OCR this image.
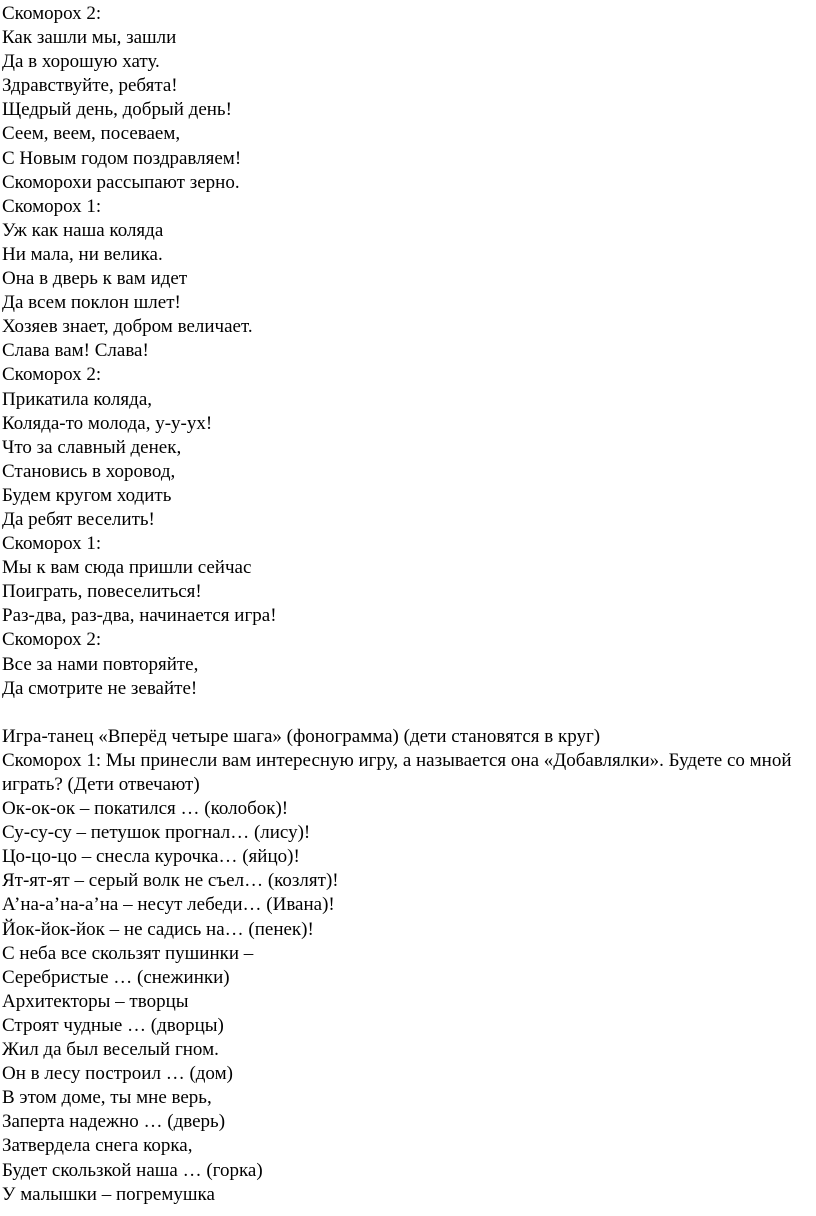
Скоморох 2:
Как зашли мы, зашли
Да в хорошую хату.
Здравствуйте, ребята!
Щедрый день, добрый день!
Сеем, веем, посеваем,
С Новым годом поздравляем!
Скоморохи рассыпают зерно.
Скоморох 1:
Уж как наша коляда
Ни мала, ни велика.
Она в дверь к вам идет
Да всем поклон шлет!
Хозяев знает, добром величает.
Слава вам! Слава!
Скоморох 2:
Прикатила коляда,
Коляда-то молода, у-у-ух!
Что за славный денек,
Становись в хоровод,
Будем кругом ходить
Да ребят веселить!
Скоморох 1:
Мы к вам сюда пришли сейчас
Поиграть, повеселиться!
Раз-два, раз-два, начинается игра!
Скоморох 2:
Все за нами повторяйте,
Да смотрите не зевайте!
Игра-танец «Вперёд четыре шага» (фонограмма) (дети становятся в круг)
Скоморох 1: Мы принесли вам интересную игру, а называется она «Добавлялки». Будете со мной играть? (Дети отвечают)
Ок-ок-ок – покатился … (колобок)!
Су-су-су – петушок прогнал… (лису)!
Цо-цо-цо – снесла курочка… (яйцо)!
Ят-ят-ят – серый волк не съел… (козлят)!
А’на-а’на-а’на – несут лебеди… (Ивана)!
Йок-йок-йок – не садись на… (пенек)!
С неба все скользят пушинки –
Серебристые … (снежинки)
Архитекторы – творцы
Строят чудные … (дворцы)
Жил да был веселый гном.
Он в лесу построил … (дом)
В этом доме, ты мне верь,
Заперта надежно … (дверь)
Затвердела снега корка,
Будет скользкой наша … (горка)
У малышки – погремушка
